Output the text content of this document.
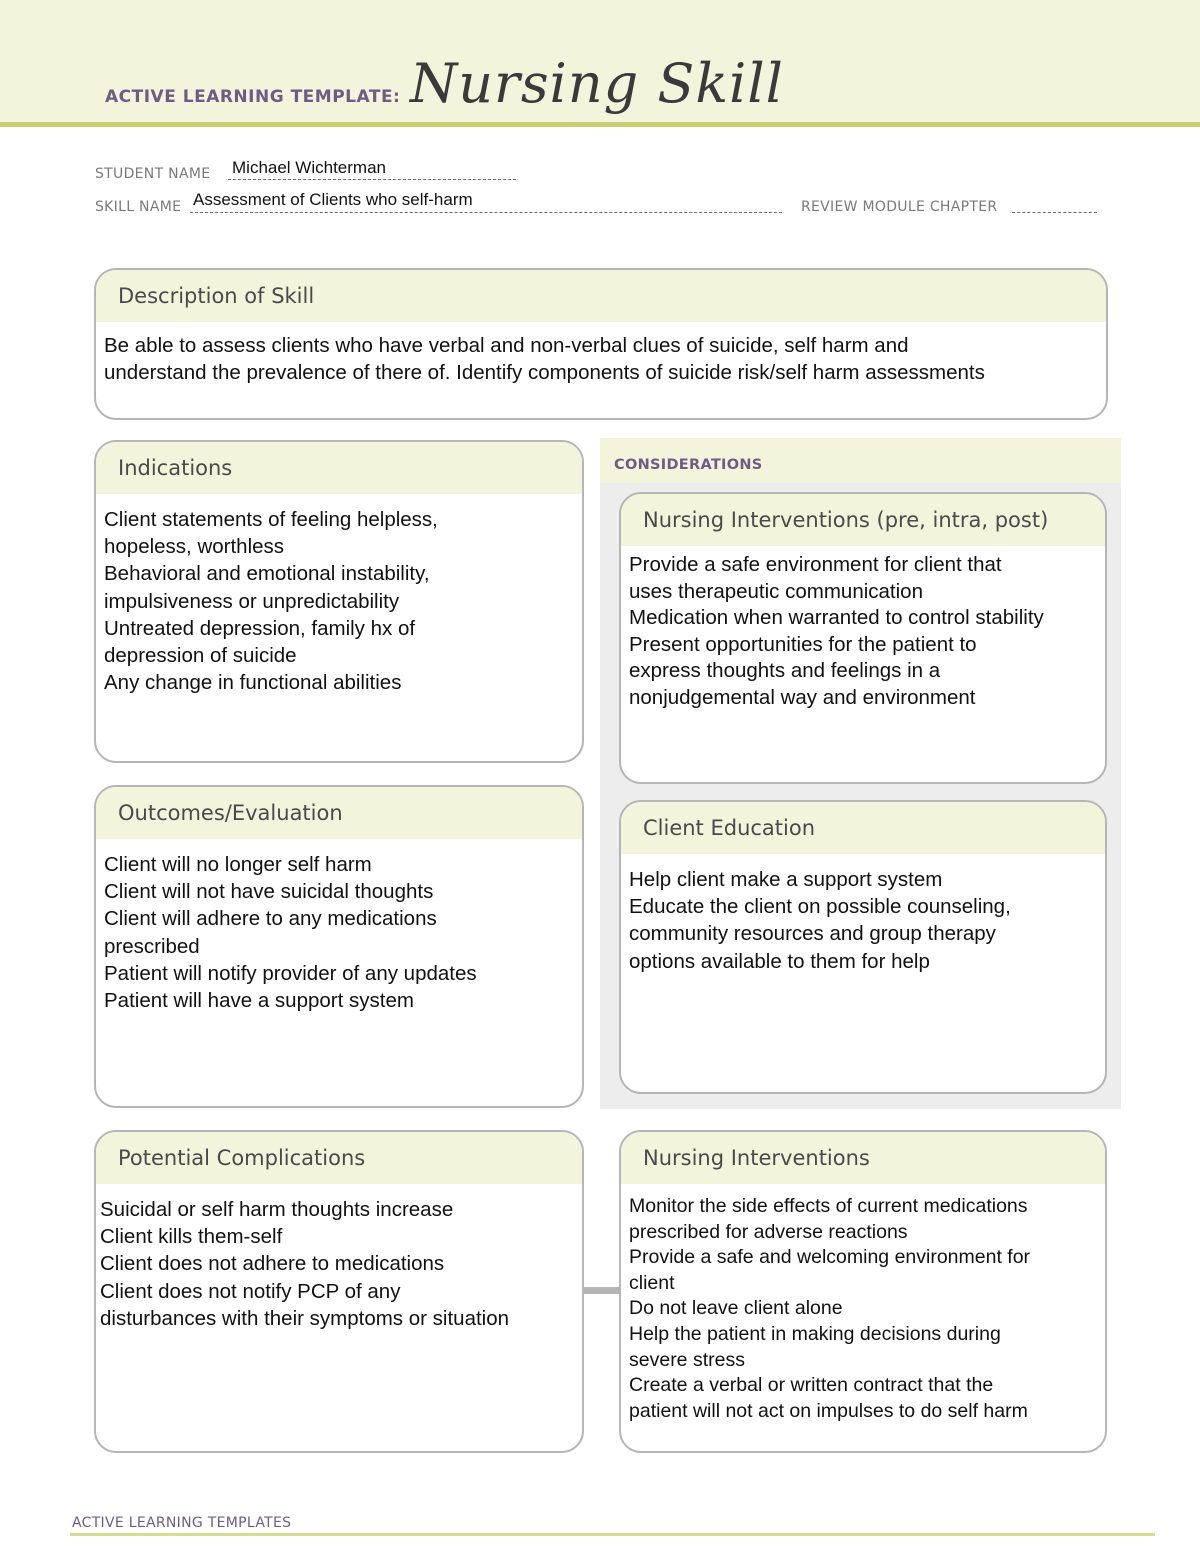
ACTIVE LEARNING TEMPLATE: Nursing Skill
STUDENT NAME Michael Wichterman
SKILL NAME Assessment of Clients who self-harm	REVIEW MODULE CHAPTER
Description of Skill
Be able to assess clients who have verbal and non-verbal clues of suicide, self harm and
understand the prevalence of there of. Identify components of suicide risk/self harm assessments
CONSIDERATIONS
Indications
Client statements of feeling helpless,
hopeless, worthless
Behavioral and emotional instability,
impulsiveness or unpredictability
Untreated depression, family hx of
depression of suicide
Any change in functional abilities
Nursing Interventions (pre, intra, post)
Provide a safe environment for client that
uses therapeutic communication
Medication when warranted to control stability
Present opportunities for the patient to
express thoughts and feelings in a
nonjudgemental way and environment
Outcomes/Evaluation
Client will no longer self harm
Client will not have suicidal thoughts
Client will adhere to any medications
prescribed
Patient will notify provider of any updates
Patient will have a support system
Client Education
Help client make a support system
Educate the client on possible counseling,
community resources and group therapy
options available to them for help
Potential Complications
Suicidal or self harm thoughts increase
Client kills them-self
Client does not adhere to medications
Client does not notify PCP of any
disturbances with their symptoms or situation
Nursing Interventions
Monitor the side effects of current medications
prescribed for adverse reactions
Provide a safe and welcoming environment for
client
Do not leave client alone
Help the patient in making decisions during
severe stress
Create a verbal or written contract that the
patient will not act on impulses to do self harm
ACTIVE LEARNING TEMPLATES
